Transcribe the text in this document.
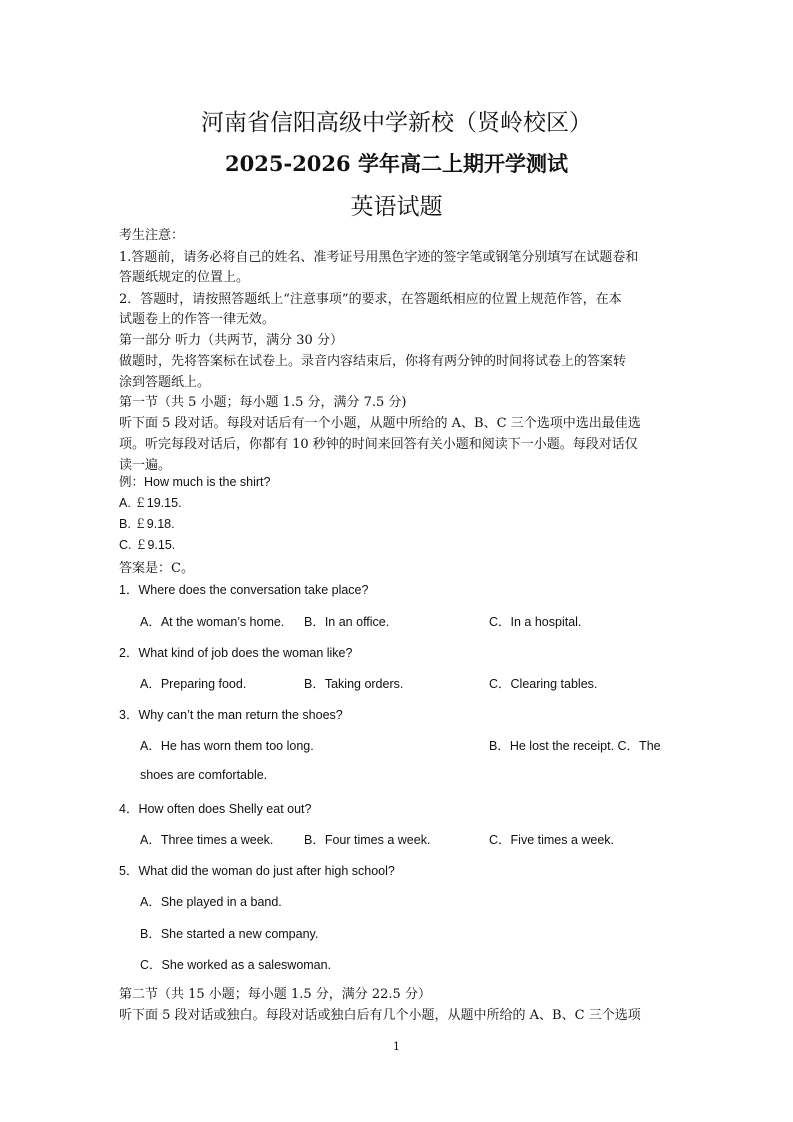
河南省信阳高级中学新校（贤岭校区）
2025-2026 学年高二上期开学测试
英语试题
考生注意：
1.答题前，请务必将自己的姓名、准考证号用黑色字迹的签字笔或钢笔分别填写在试题卷和
答题纸规定的位置上。
2．答题时，请按照答题纸上“注意事项”的要求，在答题纸相应的位置上规范作答，在本
试题卷上的作答一律无效。
第一部分 听力（共两节，满分 30 分）
做题时，先将答案标在试卷上。录音内容结束后，你将有两分钟的时间将试卷上的答案转
涂到答题纸上。
第一节（共 5 小题；每小题 1.5 分，满分 7.5 分)
听下面 5 段对话。每段对话后有一个小题，从题中所给的 A、B、C 三个选项中选出最佳选
项。听完每段对话后，你都有 10 秒钟的时间来回答有关小题和阅读下一小题。每段对话仅
读一遍。
例：How much is the shirt?
A. ￡19.15.
B. ￡9.18.
C. ￡9.15.
答案是：C。
1．Where does the conversation take place?
A．At the woman’s home. B．In an office.	C．In a hospital.
2．What kind of job does the woman like?
A．Preparing food.	B．Taking orders.	C．Clearing tables.
3．Why can’t the man return the shoes?
A．He has worn them too long.	B．He lost the receipt. C．The
shoes are comfortable.
4．How often does Shelly eat out?
A．Three times a week. B．Four times a week.	C．Five times a week.
5．What did the woman do just after high school?
A．She played in a band.
B．She started a new company.
C．She worked as a saleswoman.
第二节（共 15 小题；每小题 1.5 分，满分 22.5 分）
听下面 5 段对话或独白。每段对话或独白后有几个小题，从题中所给的 A、B、C 三个选项
1
